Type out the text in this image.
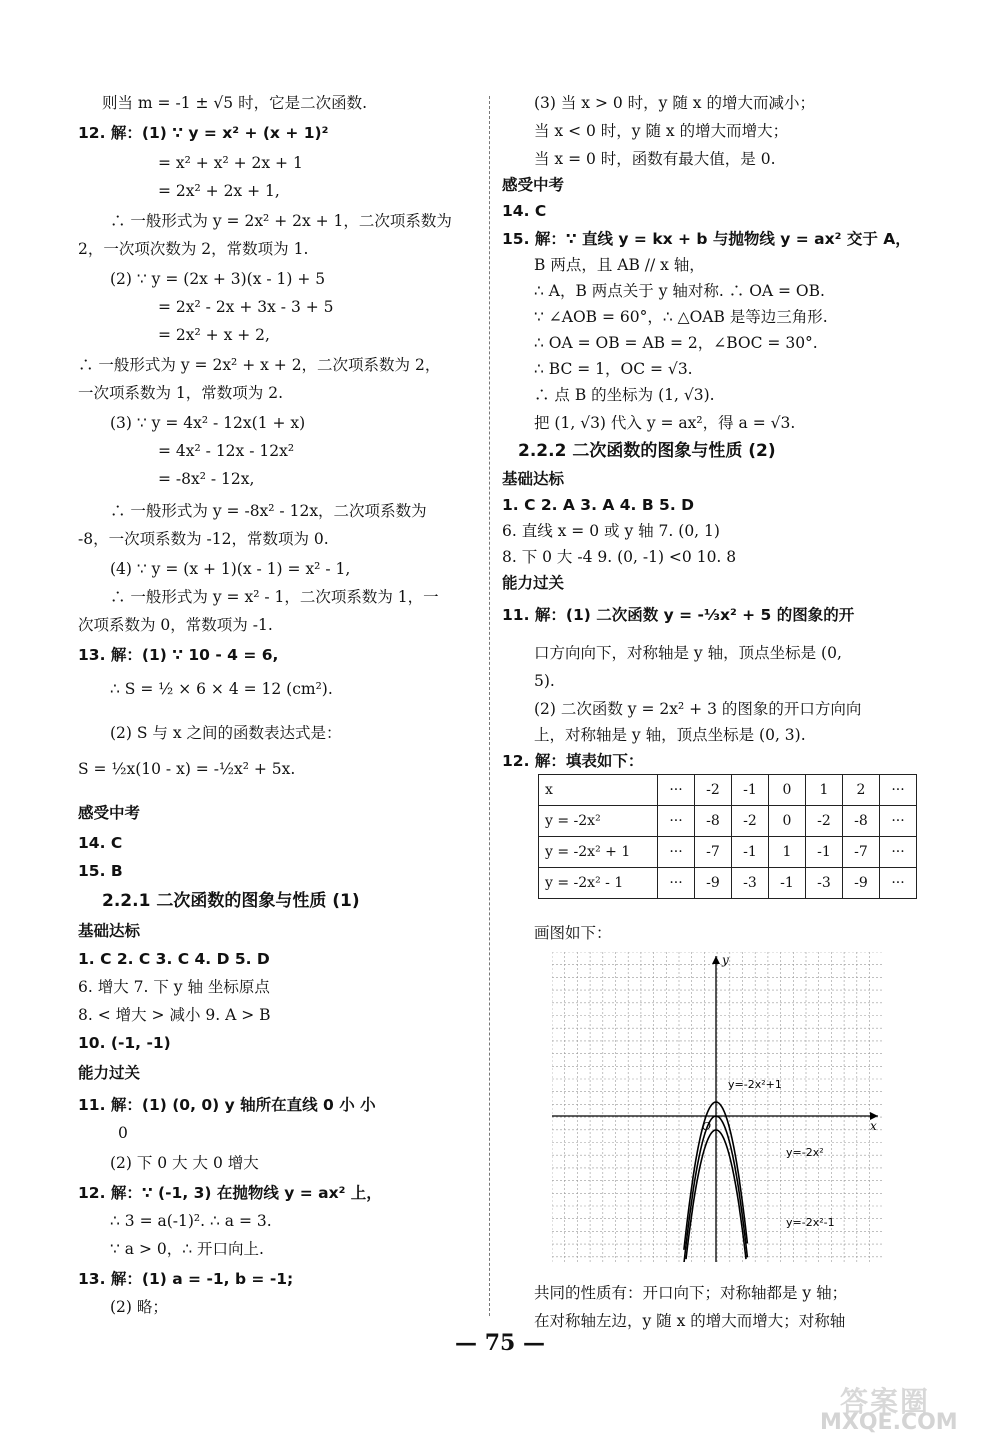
则当 m = -1 ± √5 时，它是二次函数.
12. 解：(1) ∵ y = x² + (x + 1)²
= x² + x² + 2x + 1
= 2x² + 2x + 1,
∴ 一般形式为 y = 2x² + 2x + 1，二次项系数为
2，一次项次数为 2，常数项为 1.
(2) ∵ y = (2x + 3)(x - 1) + 5
= 2x² - 2x + 3x - 3 + 5
= 2x² + x + 2,
∴ 一般形式为 y = 2x² + x + 2，二次项系数为 2，
一次项系数为 1，常数项为 2.
(3) ∵ y = 4x² - 12x(1 + x)
= 4x² - 12x - 12x²
= -8x² - 12x,
∴ 一般形式为 y = -8x² - 12x，二次项系数为
-8，一次项系数为 -12，常数项为 0.
(4) ∵ y = (x + 1)(x - 1) = x² - 1,
∴ 一般形式为 y = x² - 1，二次项系数为 1，一
次项系数为 0，常数项为 -1.
13. 解：(1) ∵ 10 - 4 = 6,
∴ S = ½ × 6 × 4 = 12 (cm²).
(2) S 与 x 之间的函数表达式是：
S = ½x(10 - x) = -½x² + 5x.
感受中考
14. C
15. B
2.2.1 二次函数的图象与性质 (1)
基础达标
1. C 2. C 3. C 4. D 5. D
6. 增大 7. 下 y 轴 坐标原点
8. < 增大 > 减小 9. A > B
10. (-1, -1)
能力过关
11. 解：(1) (0, 0) y 轴所在直线 0 小 小
0
(2) 下 0 大 大 0 增大
12. 解：∵ (-1, 3) 在抛物线 y = ax² 上，
∴ 3 = a(-1)². ∴ a = 3.
∵ a > 0，∴ 开口向上.
13. 解：(1) a = -1, b = -1;
(2) 略；
(3) 当 x > 0 时，y 随 x 的增大而减小；
当 x < 0 时，y 随 x 的增大而增大；
当 x = 0 时，函数有最大值，是 0.
感受中考
14. C
15. 解：∵ 直线 y = kx + b 与抛物线 y = ax² 交于 A，
B 两点，且 AB // x 轴，
∴ A，B 两点关于 y 轴对称. ∴ OA = OB.
∵ ∠AOB = 60°，∴ △OAB 是等边三角形.
∴ OA = OB = AB = 2，∠BOC = 30°.
∴ BC = 1，OC = √3.
∴ 点 B 的坐标为 (1, √3).
把 (1, √3) 代入 y = ax²，得 a = √3.
2.2.2 二次函数的图象与性质 (2)
基础达标
1. C 2. A 3. A 4. B 5. D
6. 直线 x = 0 或 y 轴 7. (0, 1)
8. 下 0 大 -4 9. (0, -1) <0 10. 8
能力过关
11. 解：(1) 二次函数 y = -⅓x² + 5 的图象的开
口方向向下，对称轴是 y 轴，顶点坐标是 (0,
5).
(2) 二次函数 y = 2x² + 3 的图象的开口方向向
上，对称轴是 y 轴，顶点坐标是 (0, 3).
12. 解：填表如下：
画图如下：
共同的性质有：开口向下；对称轴都是 y 轴；
在对称轴左边，y 随 x 的增大而增大；对称轴
x	···	-2	-1	0	1	2	···
y = -2x²	···	-8	-2	0	-2	-8	···
y = -2x² + 1	···	-7	-1	1	-1	-7	···
y = -2x² - 1	···	-9	-3	-1	-3	-9	···
x
y
O
y=-2x²+1
y=-2x²
y=-2x²-1
— 75 —
答案圈
MXQE.COM
